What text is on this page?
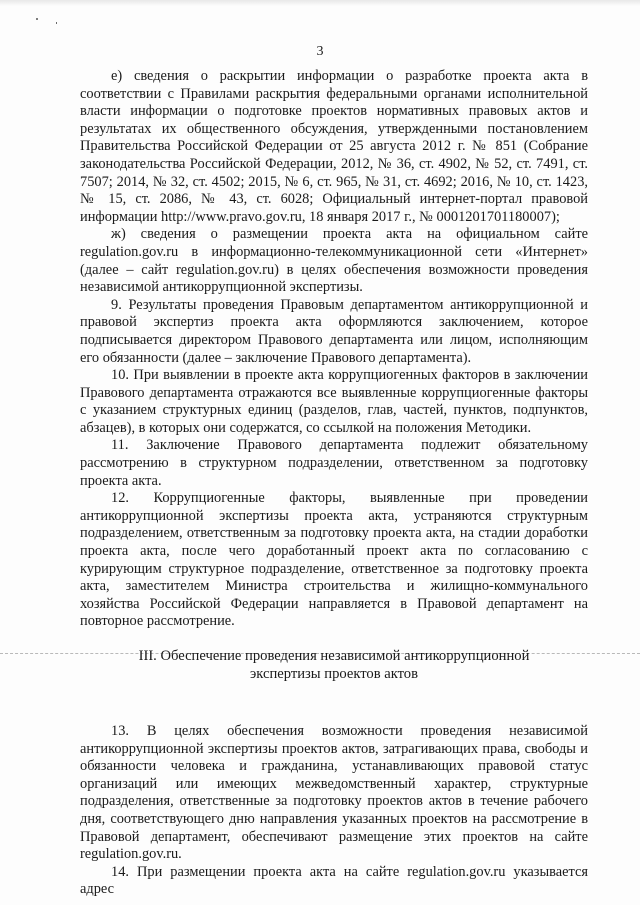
3

е) сведения о раскрытии информации о разработке проекта акта в соответствии с Правилами раскрытия федеральными органами исполнительной власти информации о подготовке проектов нормативных правовых актов и результатах их общественного обсуждения, утвержденными постановлением Правительства Российской Федерации от 25 августа 2012 г. № 851 (Собрание законодательства Российской Федерации, 2012, № 36, ст. 4902, № 52, ст. 7491, ст. 7507; 2014, № 32, ст. 4502; 2015, № 6, ст. 965, № 31, ст. 4692; 2016, № 10, ст. 1423, № 15, ст. 2086, № 43, ст. 6028; Официальный интернет-портал правовой информации http://www.pravo.gov.ru, 18 января 2017 г., № 0001201701180007);

ж) сведения о размещении проекта акта на официальном сайте regulation.gov.ru в информационно-телекоммуникационной сети «Интернет» (далее – сайт regulation.gov.ru) в целях обеспечения возможности проведения независимой антикоррупционной экспертизы.

9. Результаты проведения Правовым департаментом антикоррупционной и правовой экспертиз проекта акта оформляются заключением, которое подписывается директором Правового департамента или лицом, исполняющим его обязанности (далее – заключение Правового департамента).

10. При выявлении в проекте акта коррупциогенных факторов в заключении Правового департамента отражаются все выявленные коррупциогенные факторы с указанием структурных единиц (разделов, глав, частей, пунктов, подпунктов, абзацев), в которых они содержатся, со ссылкой на положения Методики.

11. Заключение Правового департамента подлежит обязательному рассмотрению в структурном подразделении, ответственном за подготовку проекта акта.

12. Коррупциогенные факторы, выявленные при проведении антикоррупционной экспертизы проекта акта, устраняются структурным подразделением, ответственным за подготовку проекта акта, на стадии доработки проекта акта, после чего доработанный проект акта по согласованию с курирующим структурное подразделение, ответственное за подготовку проекта акта, заместителем Министра строительства и жилищно-коммунального хозяйства Российской Федерации направляется в Правовой департамент на повторное рассмотрение.

III. Обеспечение проведения независимой антикоррупционной
экспертизы проектов актов

13. В целях обеспечения возможности проведения независимой антикоррупционной экспертизы проектов актов, затрагивающих права, свободы и обязанности человека и гражданина, устанавливающих правовой статус организаций или имеющих межведомственный характер, структурные подразделения, ответственные за подготовку проектов актов в течение рабочего дня, соответствующего дню направления указанных проектов на рассмотрение в Правовой департамент, обеспечивают размещение этих проектов на сайте regulation.gov.ru.

14. При размещении проекта акта на сайте regulation.gov.ru указывается адрес
